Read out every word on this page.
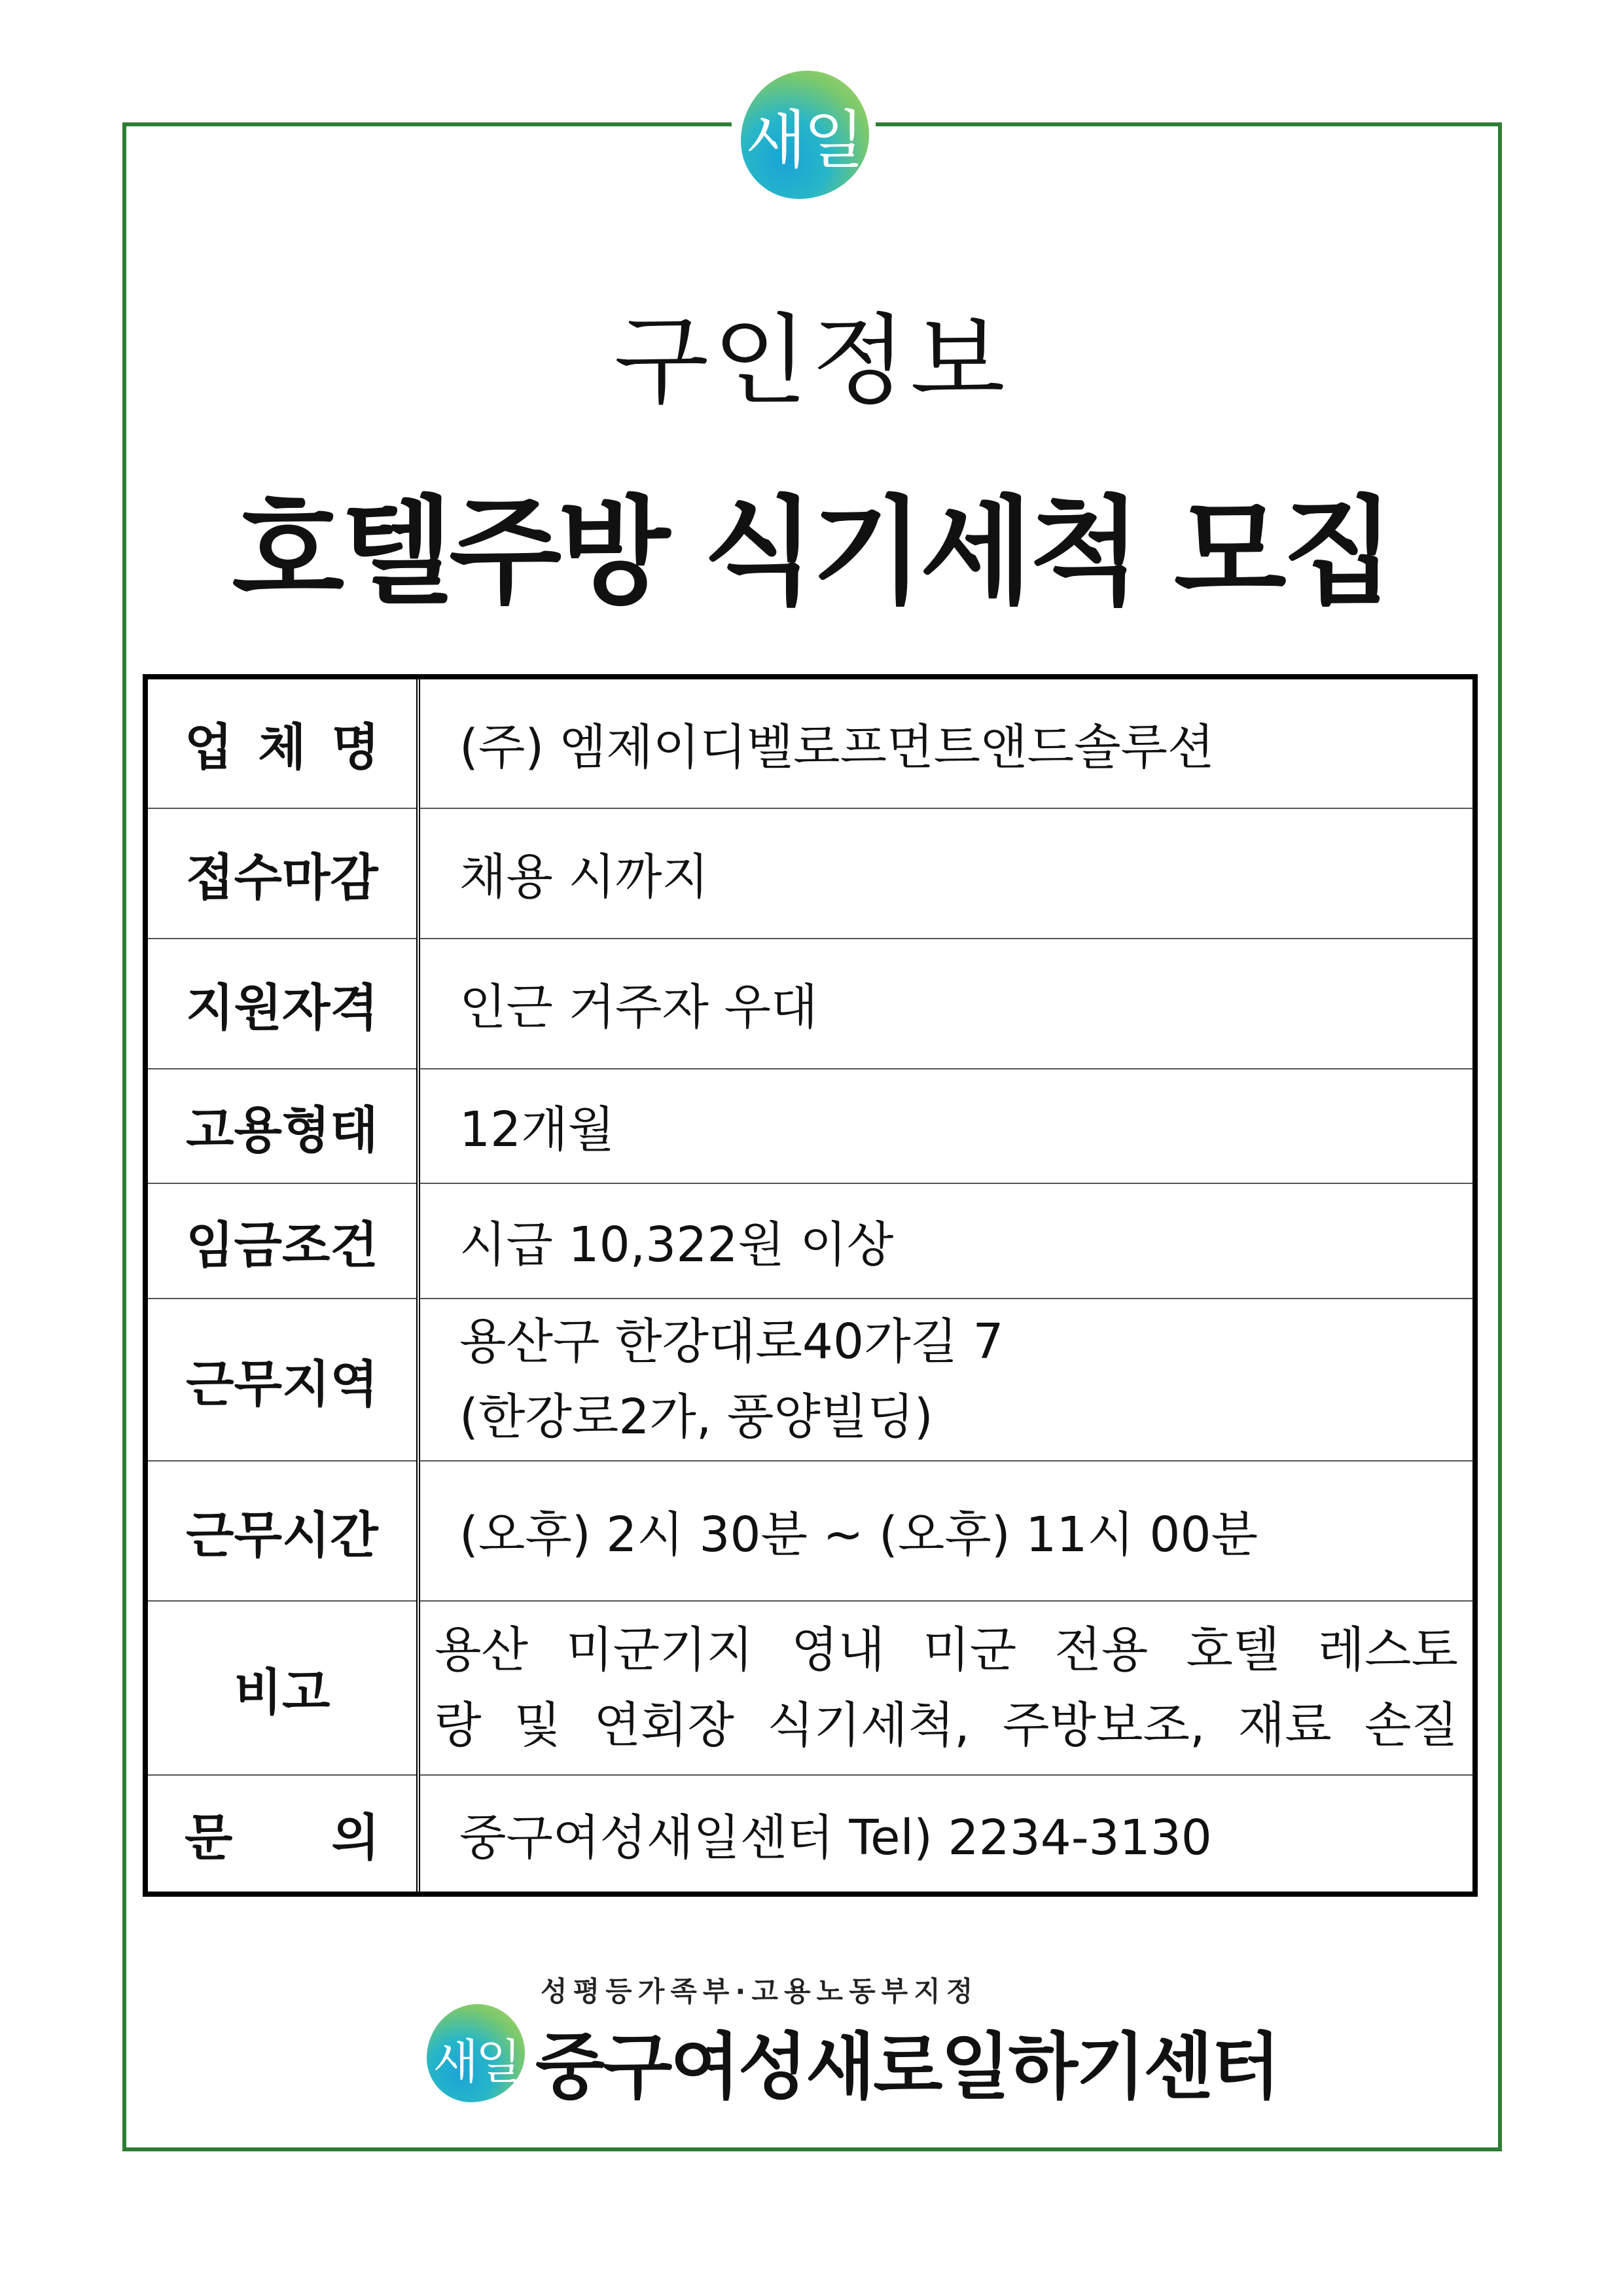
새일
구인정보
호텔주방 식기세척 모집
업 체 명	(주) 엠제이디벨로프먼트앤드솔루션
접수마감	채용 시까지
지원자격	인근 거주자 우대
고용형태	12개월
임금조건	시급 10,322원 이상
근무지역	용산구 한강대로40가길 7
(한강로2가, 풍양빌딩)

근무시간	(오후) 2시 30분 ~ (오후) 11시 00분
비고	용산 미군기지 영내 미군 전용 호텔 레스토
랑 및 연회장 식기세척, 주방보조, 재료 손질

문 의	중구여성새일센터 Tel) 2234-3130
성평등가족부·고용노동부지정
새일 중구여성새로일하기센터
